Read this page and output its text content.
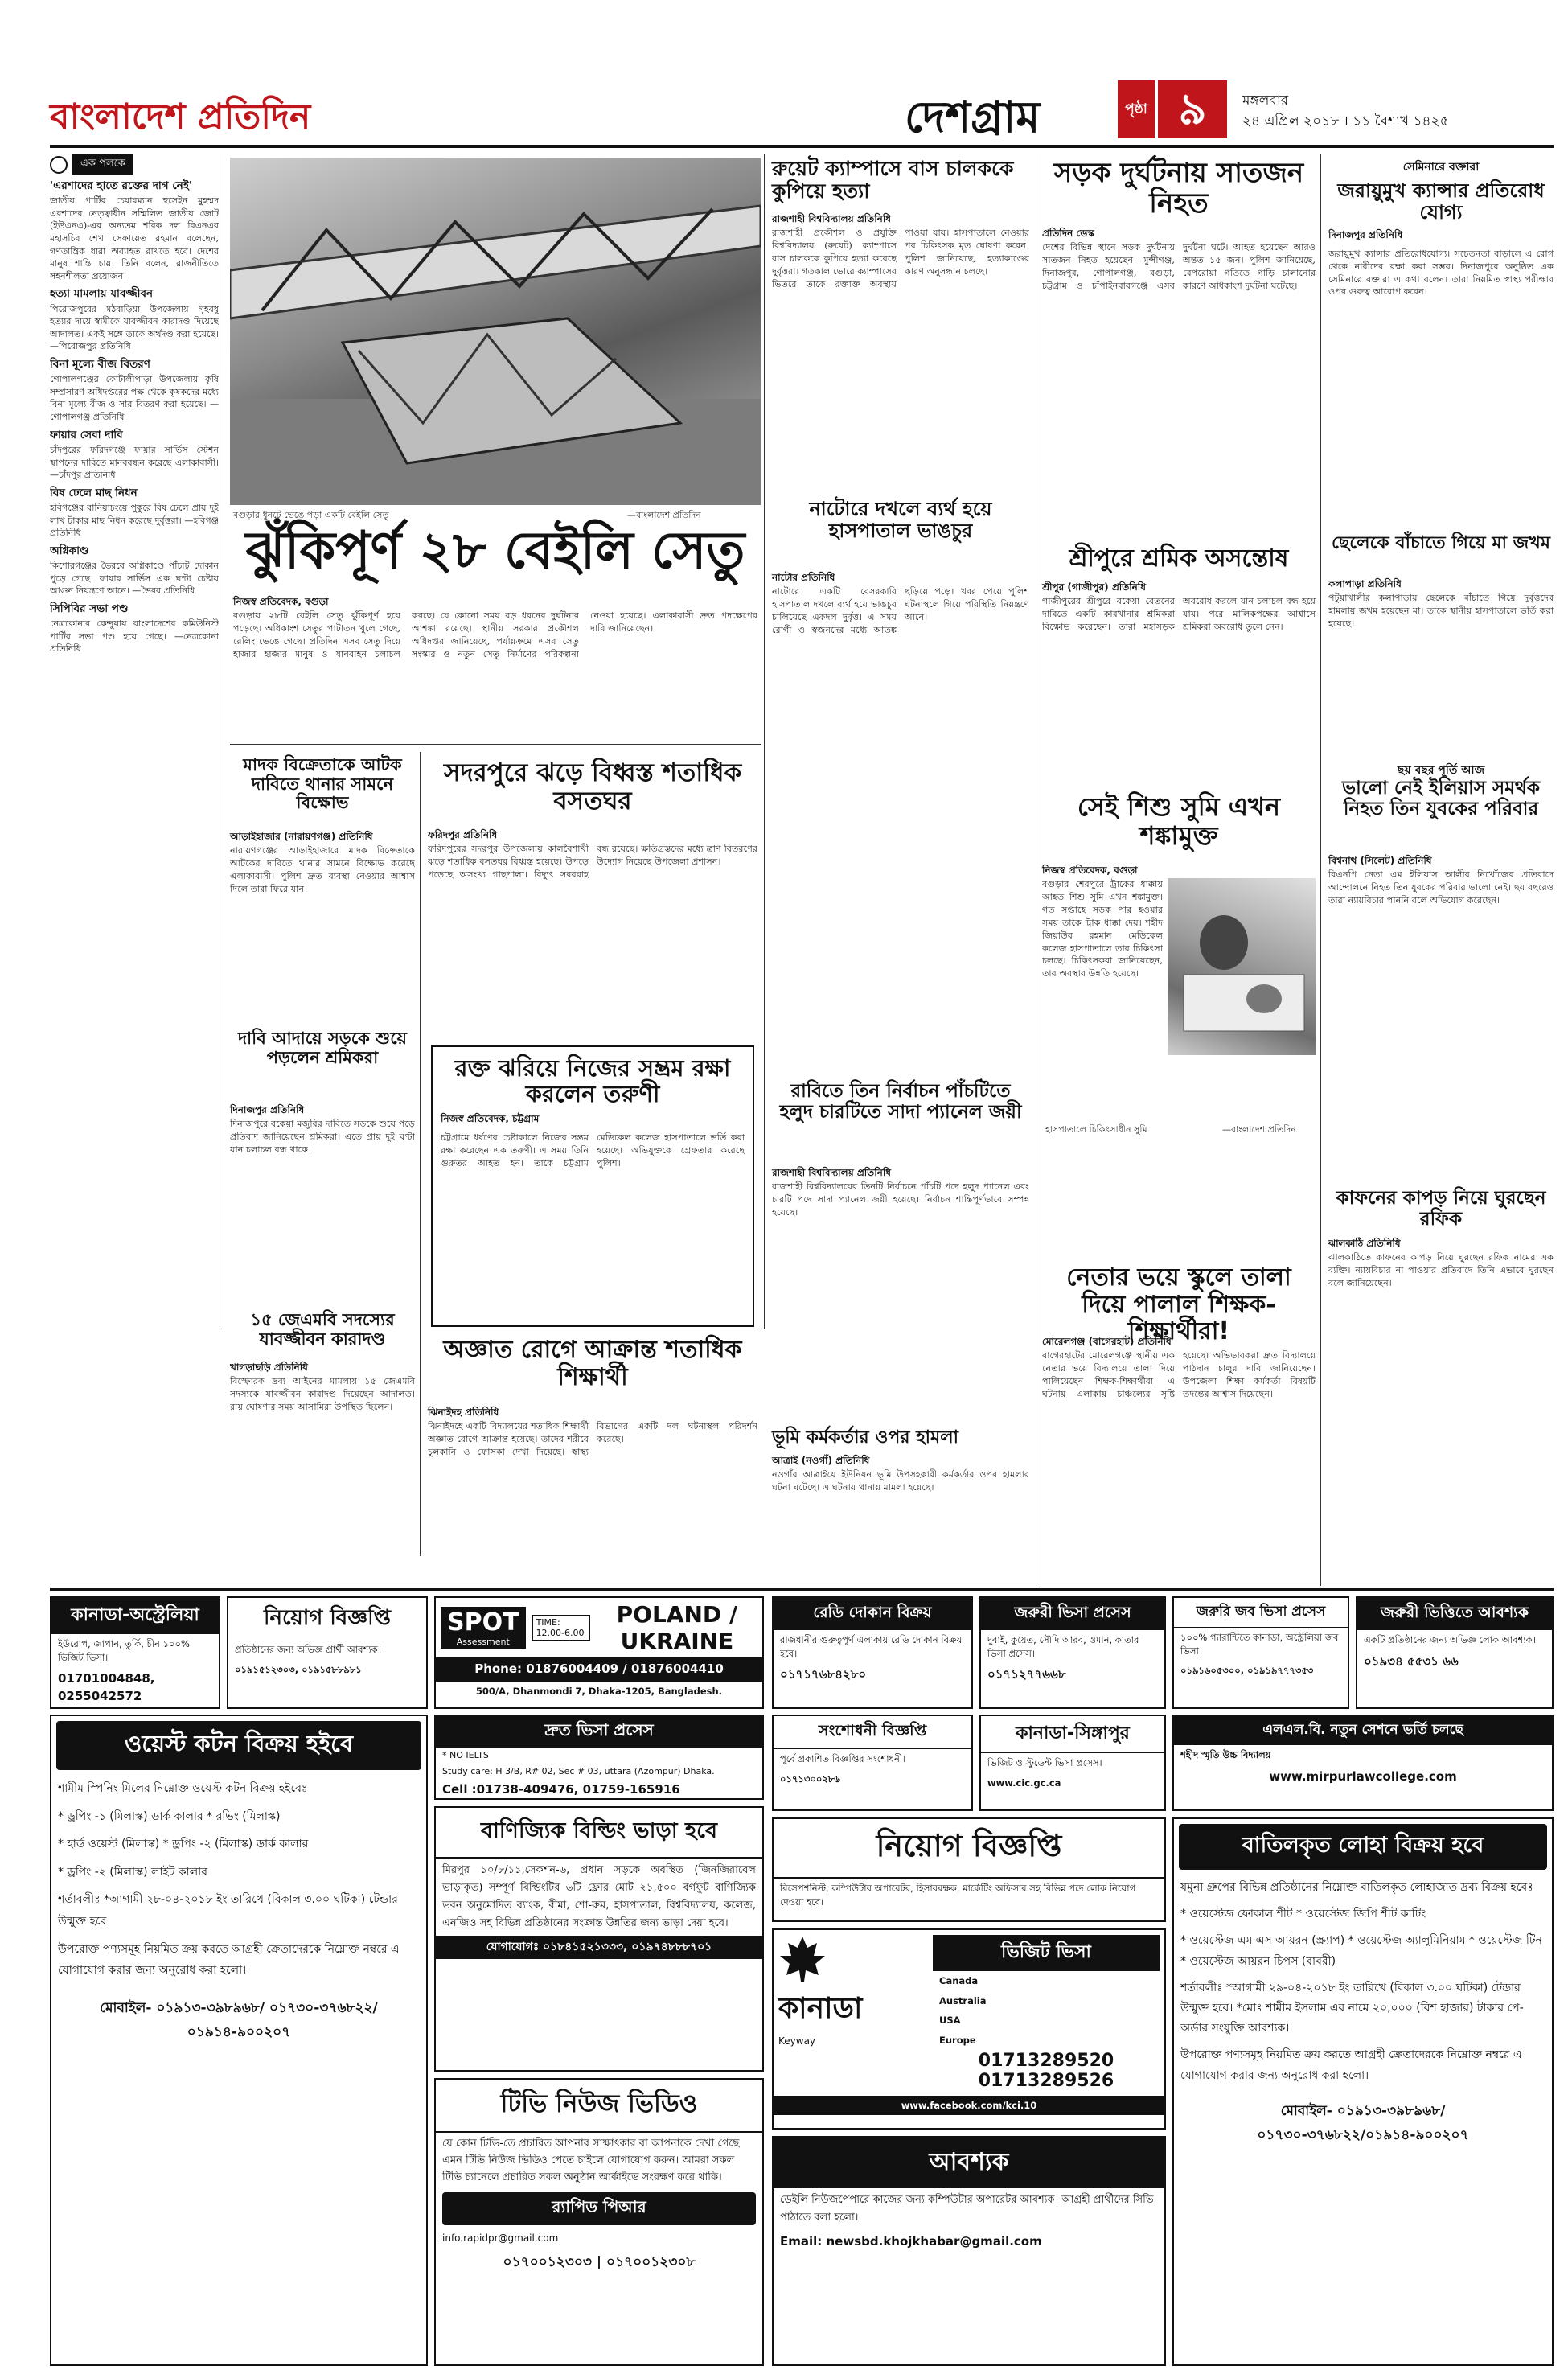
বাংলাদেশ প্রতিদিন	দেশগ্রাম	পৃষ্ঠা ৯	মঙ্গলবার
২৪ এপ্রিল ২০১৮ । ১১ বৈশাখ ১৪২৫
এক পলকে
'এরশাদের হাতে রক্তের দাগ নেই'
জাতীয় পার্টির চেয়ারম্যান হুসেইন মুহম্মদ এরশাদের নেতৃত্বাধীন সম্মিলিত জাতীয় জোট (ইউএনএ)-এর অন্যতম শরিক দল বিএনএর মহাসচিব শেখ সেফায়েত রহমান বলেছেন, গণতান্ত্রিক ধারা অব্যাহত রাখতে হবে। দেশের মানুষ শান্তি চায়। তিনি বলেন, রাজনীতিতে সহনশীলতা প্রয়োজন।
হত্যা মামলায় যাবজ্জীবন
পিরোজপুরের মঠবাড়িয়া উপজেলায় গৃহবধূ হত্যার দায়ে স্বামীকে যাবজ্জীবন কারাদণ্ড দিয়েছে আদালত। একই সঙ্গে তাকে অর্থদণ্ড করা হয়েছে। —পিরোজপুর প্রতিনিধি
বিনা মূল্যে বীজ বিতরণ
গোপালগঞ্জের কোটালীপাড়া উপজেলায় কৃষি সম্প্রসারণ অধিদপ্তরের পক্ষ থেকে কৃষকদের মধ্যে বিনা মূল্যে বীজ ও সার বিতরণ করা হয়েছে। —গোপালগঞ্জ প্রতিনিধি
ফায়ার সেবা দাবি
চাঁদপুরের ফরিদগঞ্জে ফায়ার সার্ভিস স্টেশন স্থাপনের দাবিতে মানববন্ধন করেছে এলাকাবাসী। —চাঁদপুর প্রতিনিধি
বিষ ঢেলে মাছ নিধন
হবিগঞ্জের বানিয়াচংয়ে পুকুরে বিষ ঢেলে প্রায় দুই লাখ টাকার মাছ নিধন করেছে দুর্বৃত্তরা। —হবিগঞ্জ প্রতিনিধি
অগ্নিকাণ্ড
কিশোরগঞ্জের ভৈরবে অগ্নিকাণ্ডে পাঁচটি দোকান পুড়ে গেছে। ফায়ার সার্ভিস এক ঘণ্টা চেষ্টায় আগুন নিয়ন্ত্রণে আনে। —ভৈরব প্রতিনিধি
সিপিবির সভা পণ্ড
নেত্রকোনার কেন্দুয়ায় বাংলাদেশের কমিউনিস্ট পার্টির সভা পণ্ড হয়ে গেছে। —নেত্রকোনা প্রতিনিধি
বগুড়ার ধুনটে ভেঙে পড়া একটি বেইলি সেতু	—বাংলাদেশ প্রতিদিন
ঝুঁকিপূর্ণ ২৮ বেইলি সেতু
নিজস্ব প্রতিবেদক, বগুড়া
বগুড়ায় ২৮টি বেইলি সেতু ঝুঁকিপূর্ণ হয়ে পড়েছে। অধিকাংশ সেতুর পাটাতন খুলে গেছে, রেলিং ভেঙে গেছে। প্রতিদিন এসব সেতু দিয়ে হাজার হাজার মানুষ ও যানবাহন চলাচল করছে। যে কোনো সময় বড় ধরনের দুর্ঘটনার আশঙ্কা রয়েছে। স্থানীয় সরকার প্রকৌশল অধিদপ্তর জানিয়েছে, পর্যায়ক্রমে এসব সেতু সংস্কার ও নতুন সেতু নির্মাণের পরিকল্পনা নেওয়া হয়েছে। এলাকাবাসী দ্রুত পদক্ষেপের দাবি জানিয়েছেন।
রুয়েট ক্যাম্পাসে বাস চালককে কুপিয়ে হত্যা
রাজশাহী বিশ্ববিদ্যালয় প্রতিনিধি
রাজশাহী প্রকৌশল ও প্রযুক্তি বিশ্ববিদ্যালয় (রুয়েট) ক্যাম্পাসে বাস চালককে কুপিয়ে হত্যা করেছে দুর্বৃত্তরা। গতকাল ভোরে ক্যাম্পাসের ভিতরে তাকে রক্তাক্ত অবস্থায় পাওয়া যায়। হাসপাতালে নেওয়ার পর চিকিৎসক মৃত ঘোষণা করেন। পুলিশ জানিয়েছে, হত্যাকাণ্ডের কারণ অনুসন্ধান চলছে।
নাটোরে দখলে ব্যর্থ হয়ে হাসপাতাল ভাঙচুর
নাটোর প্রতিনিধি
নাটোরে একটি বেসরকারি হাসপাতাল দখলে ব্যর্থ হয়ে ভাঙচুর চালিয়েছে একদল দুর্বৃত্ত। এ সময় রোগী ও স্বজনদের মধ্যে আতঙ্ক ছড়িয়ে পড়ে। খবর পেয়ে পুলিশ ঘটনাস্থলে গিয়ে পরিস্থিতি নিয়ন্ত্রণে আনে।
রাবিতে তিন নির্বাচন পাঁচটিতে হলুদ চারটিতে সাদা প্যানেল জয়ী
রাজশাহী বিশ্ববিদ্যালয় প্রতিনিধি
রাজশাহী বিশ্ববিদ্যালয়ের তিনটি নির্বাচনে পাঁচটি পদে হলুদ প্যানেল এবং চারটি পদে সাদা প্যানেল জয়ী হয়েছে। নির্বাচন শান্তিপূর্ণভাবে সম্পন্ন হয়েছে।
ভূমি কর্মকর্তার ওপর হামলা
আত্রাই (নওগাঁ) প্রতিনিধি
নওগাঁর আত্রাইয়ে ইউনিয়ন ভূমি উপসহকারী কর্মকর্তার ওপর হামলার ঘটনা ঘটেছে। এ ঘটনায় থানায় মামলা হয়েছে।
সড়ক দুর্ঘটনায় সাতজন নিহত
প্রতিদিন ডেস্ক
দেশের বিভিন্ন স্থানে সড়ক দুর্ঘটনায় সাতজন নিহত হয়েছেন। মুন্সীগঞ্জ, দিনাজপুর, গোপালগঞ্জ, বগুড়া, চট্টগ্রাম ও চাঁপাইনবাবগঞ্জে এসব দুর্ঘটনা ঘটে। আহত হয়েছেন আরও অন্তত ১৫ জন। পুলিশ জানিয়েছে, বেপরোয়া গতিতে গাড়ি চালানোর কারণে অধিকাংশ দুর্ঘটনা ঘটেছে।
শ্রীপুরে শ্রমিক অসন্তোষ
শ্রীপুর (গাজীপুর) প্রতিনিধি
গাজীপুরের শ্রীপুরে বকেয়া বেতনের দাবিতে একটি কারখানার শ্রমিকরা বিক্ষোভ করেছেন। তারা মহাসড়ক অবরোধ করলে যান চলাচল বন্ধ হয়ে যায়। পরে মালিকপক্ষের আশ্বাসে শ্রমিকরা অবরোধ তুলে নেন।
সেই শিশু সুমি এখন শঙ্কামুক্ত
নিজস্ব প্রতিবেদক, বগুড়া
বগুড়ার শেরপুরে ট্রাকের ধাক্কায় আহত শিশু সুমি এখন শঙ্কামুক্ত। গত সপ্তাহে সড়ক পার হওয়ার সময় তাকে ট্রাক ধাক্কা দেয়। শহীদ জিয়াউর রহমান মেডিকেল কলেজ হাসপাতালে তার চিকিৎসা চলছে। চিকিৎসকরা জানিয়েছেন, তার অবস্থার উন্নতি হয়েছে।
হাসপাতালে চিকিৎসাধীন সুমি	—বাংলাদেশ প্রতিদিন
নেতার ভয়ে স্কুলে তালা দিয়ে পালাল শিক্ষক-শিক্ষার্থীরা!
মোরেলগঞ্জ (বাগেরহাট) প্রতিনিধি
বাগেরহাটের মোরেলগঞ্জে স্থানীয় এক নেতার ভয়ে বিদ্যালয়ে তালা দিয়ে পালিয়েছেন শিক্ষক-শিক্ষার্থীরা। এ ঘটনায় এলাকায় চাঞ্চল্যের সৃষ্টি হয়েছে। অভিভাবকরা দ্রুত বিদ্যালয়ে পাঠদান চালুর দাবি জানিয়েছেন। উপজেলা শিক্ষা কর্মকর্তা বিষয়টি তদন্তের আশ্বাস দিয়েছেন।
সেমিনারে বক্তারা
জরায়ুমুখ ক্যান্সার প্রতিরোধ যোগ্য
দিনাজপুর প্রতিনিধি
জরায়ুমুখ ক্যান্সার প্রতিরোধযোগ্য। সচেতনতা বাড়ালে এ রোগ থেকে নারীদের রক্ষা করা সম্ভব। দিনাজপুরে অনুষ্ঠিত এক সেমিনারে বক্তারা এ কথা বলেন। তারা নিয়মিত স্বাস্থ্য পরীক্ষার ওপর গুরুত্ব আরোপ করেন।
ছেলেকে বাঁচাতে গিয়ে মা জখম
কলাপাড়া প্রতিনিধি
পটুয়াখালীর কলাপাড়ায় ছেলেকে বাঁচাতে গিয়ে দুর্বৃত্তদের হামলায় জখম হয়েছেন মা। তাকে স্থানীয় হাসপাতালে ভর্তি করা হয়েছে।
ছয় বছর পূর্তি আজ
ভালো নেই ইলিয়াস সমর্থক নিহত তিন যুবকের পরিবার
বিশ্বনাথ (সিলেট) প্রতিনিধি
বিএনপি নেতা এম ইলিয়াস আলীর নিখোঁজের প্রতিবাদে আন্দোলনে নিহত তিন যুবকের পরিবার ভালো নেই। ছয় বছরেও তারা ন্যায়বিচার পাননি বলে অভিযোগ করেছেন।
কাফনের কাপড় নিয়ে ঘুরছেন রফিক
ঝালকাঠি প্রতিনিধি
ঝালকাঠিতে কাফনের কাপড় নিয়ে ঘুরছেন রফিক নামের এক ব্যক্তি। ন্যায়বিচার না পাওয়ার প্রতিবাদে তিনি এভাবে ঘুরছেন বলে জানিয়েছেন।
মাদক বিক্রেতাকে আটক দাবিতে থানার সামনে বিক্ষোভ
আড়াইহাজার (নারায়ণগঞ্জ) প্রতিনিধি
নারায়ণগঞ্জের আড়াইহাজারে মাদক বিক্রেতাকে আটকের দাবিতে থানার সামনে বিক্ষোভ করেছে এলাকাবাসী। পুলিশ দ্রুত ব্যবস্থা নেওয়ার আশ্বাস দিলে তারা ফিরে যান।
দাবি আদায়ে সড়কে শুয়ে পড়লেন শ্রমিকরা
দিনাজপুর প্রতিনিধি
দিনাজপুরে বকেয়া মজুরির দাবিতে সড়কে শুয়ে পড়ে প্রতিবাদ জানিয়েছেন শ্রমিকরা। এতে প্রায় দুই ঘণ্টা যান চলাচল বন্ধ থাকে।
১৫ জেএমবি সদস্যের যাবজ্জীবন কারাদণ্ড
খাগড়াছড়ি প্রতিনিধি
বিস্ফোরক দ্রব্য আইনের মামলায় ১৫ জেএমবি সদস্যকে যাবজ্জীবন কারাদণ্ড দিয়েছেন আদালত। রায় ঘোষণার সময় আসামিরা উপস্থিত ছিলেন।
সদরপুরে ঝড়ে বিধ্বস্ত শতাধিক বসতঘর
ফরিদপুর প্রতিনিধি
ফরিদপুরের সদরপুর উপজেলায় কালবৈশাখী ঝড়ে শতাধিক বসতঘর বিধ্বস্ত হয়েছে। উপড়ে পড়েছে অসংখ্য গাছপালা। বিদ্যুৎ সরবরাহ বন্ধ রয়েছে। ক্ষতিগ্রস্তদের মধ্যে ত্রাণ বিতরণের উদ্যোগ নিয়েছে উপজেলা প্রশাসন।
রক্ত ঝরিয়ে নিজের সম্ভ্রম রক্ষা করলেন তরুণী
নিজস্ব প্রতিবেদক, চট্টগ্রাম
চট্টগ্রামে ধর্ষণের চেষ্টাকালে নিজের সম্ভ্রম রক্ষা করেছেন এক তরুণী। এ সময় তিনি গুরুতর আহত হন। তাকে চট্টগ্রাম মেডিকেল কলেজ হাসপাতালে ভর্তি করা হয়েছে। অভিযুক্তকে গ্রেফতার করেছে পুলিশ।
অজ্ঞাত রোগে আক্রান্ত শতাধিক শিক্ষার্থী
ঝিনাইদহ প্রতিনিধি
ঝিনাইদহে একটি বিদ্যালয়ের শতাধিক শিক্ষার্থী অজ্ঞাত রোগে আক্রান্ত হয়েছে। তাদের শরীরে চুলকানি ও ফোসকা দেখা দিয়েছে। স্বাস্থ্য বিভাগের একটি দল ঘটনাস্থল পরিদর্শন করেছে।
কানাডা-অস্ট্রেলিয়া
ইউরোপ, জাপান, তুর্কি, চীন ১০০% ভিজিট ভিসা।
01701004848, 0255042572
নিয়োগ বিজ্ঞপ্তি
প্রতিষ্ঠানের জন্য অভিজ্ঞ প্রার্থী আবশ্যক।
০১৯১৫১২৩০৩, ০১৯১৫৮৮৯৮১
SPOT
Assessment
TIME: 12.00-6.00
POLAND / UKRAINE
Phone: 01876004409 / 01876004410
500/A, Dhanmondi 7, Dhaka-1205, Bangladesh.
দ্রুত ভিসা প্রসেস
* NO IELTS
Study care: H 3/B, R# 02, Sec # 03, uttara (Azompur) Dhaka.
Cell :01738-409476, 01759-165916
ওয়েস্ট কটন বিক্রয় হইবে
শামীম স্পিনিং মিলের নিম্নোক্ত ওয়েস্ট কটন বিক্রয় হইবেঃ
* ড্রপিং -১ (মিলাস্ক) ডার্ক কালার * রভিং (মিলাস্ক)
* হার্ড ওয়েস্ট (মিলাস্ক) * ড্রপিং -২ (মিলাস্ক) ডার্ক কালার
* ড্রপিং -২ (মিলাস্ক) লাইট কালার
শর্তাবলীঃ *আগামী ২৮-০৪-২০১৮ ইং তারিখে (বিকাল ৩.০০ ঘটিকা) টেন্ডার উন্মুক্ত হবে।
উপরোক্ত পণ্যসমূহ নিয়মিত ক্রয় করতে আগ্রহী ক্রেতাদেরকে নিম্নোক্ত নম্বরে এ যোগাযোগ করার জন্য অনুরোধ করা হলো।
মোবাইল- ০১৯১৩-৩৯৮৯৬৮/ ০১৭৩০-৩৭৬৮২২/ ০১৯১৪-৯০০২০৭
বাণিজ্যিক বিল্ডিং ভাড়া হবে
মিরপুর ১০/৮/১১,সেকশন-৬, প্রধান সড়কে অবস্থিত (জিনজিরাবেল ভাড়াকৃত) সম্পূর্ণ বিল্ডিংটির ৬টি ফ্লোর মোট ২১,৫০০ বর্গফুট বাণিজ্যিক ভবন অনুমোদিত ব্যাংক, বীমা, শো-রুম, হাসপাতাল, বিশ্ববিদ্যালয়, কলেজ, এনজিও সহ বিভিন্ন প্রতিষ্ঠানের সংক্রান্ত উন্নতির জন্য ভাড়া দেয়া হবে।
যোগাযোগঃ ০১৮৪১৫২১৩৩৩, ০১৯৭৪৮৮৮৭০১
টিভি নিউজ ভিডিও
যে কোন টিভি-তে প্রচারিত আপনার সাক্ষাৎকার বা আপনাকে দেখা গেছে এমন টিভি নিউজ ভিডিও পেতে চাইলে যোগাযোগ করুন। আমরা সকল টিভি চ্যানেলে প্রচারিত সকল অনুষ্ঠান আর্কাইভে সংরক্ষণ করে থাকি।
র‍্যাপিড পিআর
info.rapidpr@gmail.com
০১৭০০১২৩০৩ | ০১৭০০১২৩০৮
রেডি দোকান বিক্রয়
রাজধানীর গুরুত্বপূর্ণ এলাকায় রেডি দোকান বিক্রয় হবে।
০১৭১৭৬৮৪২৮০
জরুরী ভিসা প্রসেস
দুবাই, কুয়েত, সৌদি আরব, ওমান, কাতার ভিসা প্রসেস।
০১৭১২৭৭৬৬৮
জরুরি জব ভিসা প্রসেস
১০০% গ্যারান্টিতে কানাডা, অস্ট্রেলিয়া জব ভিসা।
০১৯১৬০৫৩০০, ০১৯১৯৭৭৭৩৫৩
জরুরী ভিত্তিতে আবশ্যক
একটি প্রতিষ্ঠানের জন্য অভিজ্ঞ লোক আবশ্যক।
০১৯৩৪ ৫৫৩১ ৬৬
সংশোধনী বিজ্ঞপ্তি
পূর্বে প্রকাশিত বিজ্ঞপ্তির সংশোধনী।
০১৭১৩০০২৮৬
কানাডা-সিঙ্গাপুর
ভিজিট ও স্টুডেন্ট ভিসা প্রসেস।
www.cic.gc.ca
এলএল.বি. নতুন সেশনে ভর্তি চলছে
শহীদ স্মৃতি উচ্চ বিদ্যালয়
www.mirpurlawcollege.com
নিয়োগ বিজ্ঞপ্তি
রিসেপশনিস্ট, কম্পিউটার অপারেটর, হিসাবরক্ষক, মার্কেটিং অফিসার সহ বিভিন্ন পদে লোক নিয়োগ দেওয়া হবে।
কানাডা
Keyway
ভিজিট ভিসা
Canada
Australia
USA
Europe
01713289520
01713289526
www.facebook.com/kci.10
আবশ্যক
ডেইলি নিউজপেপারে কাজের জন্য কম্পিউটার অপারেটর আবশ্যক। আগ্রহী প্রার্থীদের সিভি পাঠাতে বলা হলো।
Email: newsbd.khojkhabar@gmail.com
বাতিলকৃত লোহা বিক্রয় হবে
যমুনা গ্রুপের বিভিন্ন প্রতিষ্ঠানের নিম্নোক্ত বাতিলকৃত লোহাজাত দ্রব্য বিক্রয় হবেঃ
* ওয়েস্টেজ ফোকাল শীট * ওয়েস্টেজ জিপি শীট কাটিং
* ওয়েস্টেজ এম এস আয়রন (স্ক্র্যাপ) * ওয়েস্টেজ অ্যালুমিনিয়াম * ওয়েস্টেজ টিন * ওয়েস্টেজ আয়রন চিপস (বাবরী)
শর্তাবলীঃ *আগামী ২৯-০৪-২০১৮ ইং তারিখে (বিকাল ৩.০০ ঘটিকা) টেন্ডার উন্মুক্ত হবে। *মোঃ শামীম ইসলাম এর নামে ২০,০০০ (বিশ হাজার) টাকার পে-অর্ডার সংযুক্তি আবশ্যক।
উপরোক্ত পণ্যসমূহ নিয়মিত ক্রয় করতে আগ্রহী ক্রেতাদেরকে নিম্নোক্ত নম্বরে এ যোগাযোগ করার জন্য অনুরোধ করা হলো।
মোবাইল- ০১৯১৩-৩৯৮৯৬৮/ ০১৭৩০-৩৭৬৮২২/০১৯১৪-৯০০২০৭
